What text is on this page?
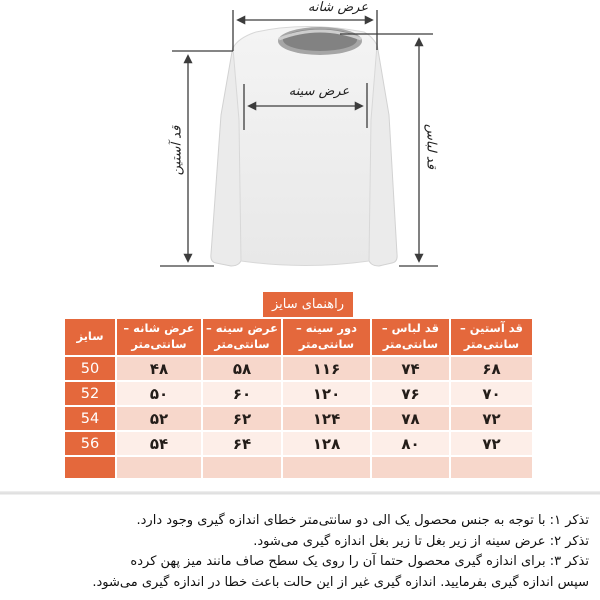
عرض شانه
عرض سینه
قد آستین	قد لباس
راهنمای سایز
سایز

عرض شانه –
سانتی‌متر

عرض سینه –
سانتی‌متر

دور سینه –
سانتی‌متر

قد لباس –
سانتی‌متر

قد آستین –
سانتی‌متر

50	۴۸	۵۸	۱۱۶	۷۴	۶۸
52	۵۰	۶۰	۱۲۰	۷۶	۷۰
54	۵۲	۶۲	۱۲۴	۷۸	۷۲
56	۵۴	۶۴	۱۲۸	۸۰	۷۲

تذکر ۱: با توجه به جنس محصول یک الی دو سانتی‌متر خطای اندازه گیری وجود دارد.
تذکر ۲: عرض سینه از زیر بغل تا زیر بغل اندازه گیری می‌شود.
تذکر ۳: برای اندازه گیری محصول حتما آن را روی یک سطح صاف مانند میز پهن کرده
سپس اندازه گیری بفرمایید. اندازه گیری غیر از این حالت باعث خطا در اندازه گیری می‌شود.
